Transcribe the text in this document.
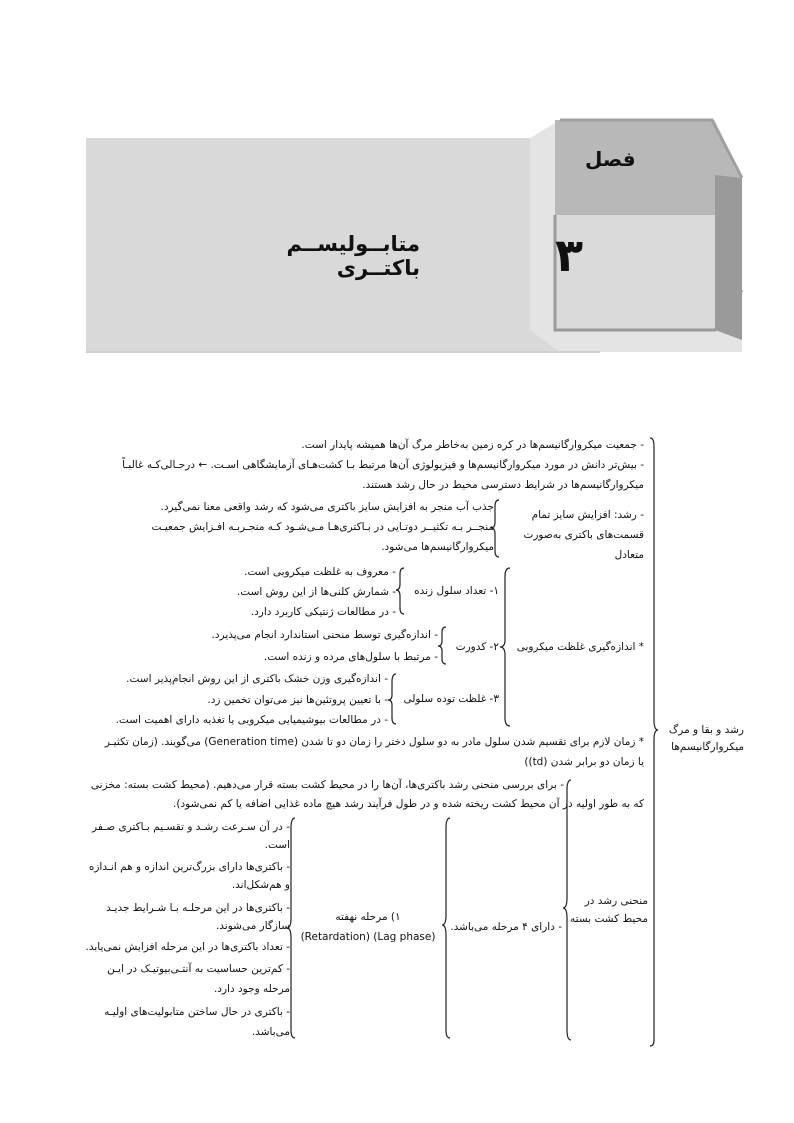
فصل
۳
متابــولیســم باکتــری
- جمعیت میکروارگانیسم‌ها در کره زمین به‌خاطر مرگ آن‌ها همیشه پایدار است.
- بیش‌تر دانش در مورد میکروارگانیسم‌ها و فیزیولوژی آن‌ها مرتبط بـا کشت‌هـای آزمایشگاهی اسـت. ← درحـالی‌کـه غالبـاً
میکروارگانیسم‌ها در شرایط دسترسی محیط در حال رشد هستند.
- رشد: افزایش سایز تمام قسمت‌های باکتری به‌صورت متعادل
جذب آب منجر به افزایش سایز باکتری می‌شود که رشد واقعی معنا نمی‌گیرد.
منجــر بـه تکثیــر دوتـایی در بـاکتری‌هـا مـی‌شـود کـه منجـربـه افـزایش جمعیـت
میکروارگانیسم‌ها می‌شود.
* اندازه‌گیری غلظت میکروبی
۱- تعداد سلول زنده
- معروف به غلظت میکروبی است.
- شمارش کلنی‌ها از این روش است.
- در مطالعات ژنتیکی کاربرد دارد.
۲- کدورت
- اندازه‌گیری توسط منحنی استاندارد انجام می‌پذیرد.
- مرتبط با سلول‌های مرده و زنده است.
۳- غلظت توده سلولی
- اندازه‌گیری وزن خشک باکتری از این روش انجام‌پذیر است.
- با تعیین پروتئین‌ها نیز می‌توان تخمین زد.
- در مطالعات بیوشیمیایی میکروبی یا تغذیه دارای اهمیت است.
رشد و بقا و مرگ میکروارگانیسم‌ها
* زمان لازم برای تقسیم شدن سلول مادر به دو سلول دختر را زمان دو تا شدن (Generation time) می‌گویند. (زمان تکثیـر
یا زمان دو برابر شدن (td))
منحنی رشد در محیط کشت بسته
- برای بررسی منحنی رشد باکتری‌ها، آن‌ها را در محیط کشت بسته قرار می‌دهیم. (محیط کشت بسته: مخزنی
که به طور اولیه در آن محیط کشت ریخته شده و در طول فرآیند رشد هیچ ماده غذایی اضافه یا کم نمی‌شود).
- دارای ۴ مرحله می‌باشد.
۱) مرحله نهفته
(Retardation) (Lag phase)
- در آن سـرعت رشـد و تقسـیم بـاکتری صـفر
است.
- باکتری‌ها دارای بزرگ‌ترین اندازه و هم انـدازه
و هم‌شکل‌اند.
- باکتری‌ها در این مرحلـه بـا شـرایط جدیـد
سازگار می‌شوند.
- تعداد باکتری‌ها در این مرحله افزایش نمی‌یابد.
- کم‌ترین حساسیت به آنتـی‌بیوتیـک در ایـن
مرحله وجود دارد.
- باکتری در حال ساختن متابولیت‌های اولیـه
می‌باشد.
